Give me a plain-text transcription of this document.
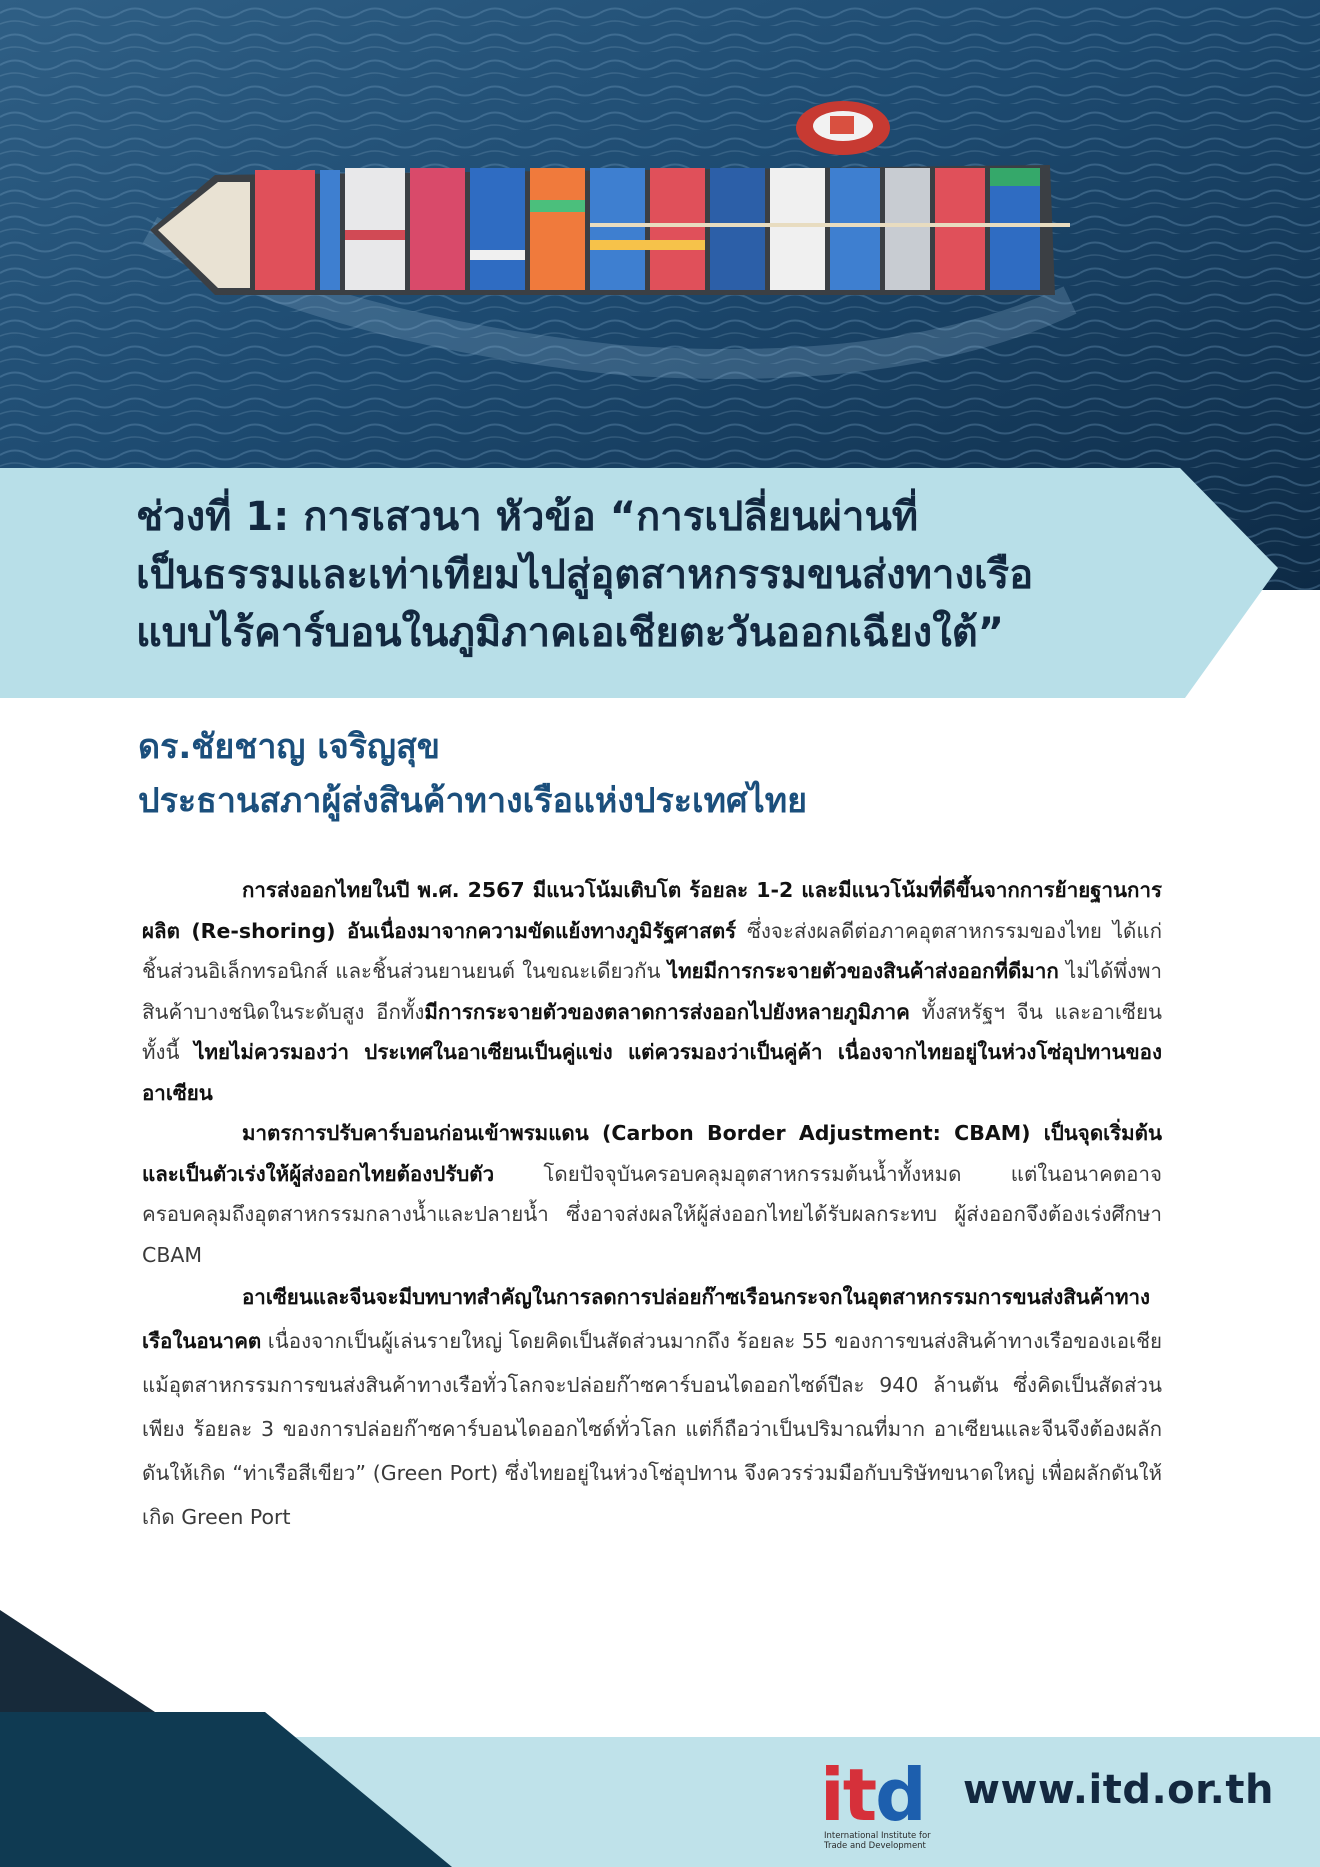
ช่วงที่ 1: การเสวนา หัวข้อ “การเปลี่ยนผ่านที่
เป็นธรรมและเท่าเทียมไปสู่อุตสาหกรรมขนส่งทางเรือ
แบบไร้คาร์บอนในภูมิภาคเอเชียตะวันออกเฉียงใต้”
ดร.ชัยชาญ เจริญสุข
ประธานสภาผู้ส่งสินค้าทางเรือแห่งประเทศไทย

การส่งออกไทยในปี พ.ศ. 2567 มีแนวโน้มเติบโต ร้อยละ 1-2 และมีแนวโน้มที่ดีขึ้นจากการย้ายฐานการผลิต (Re-shoring) อันเนื่องมาจากความขัดแย้งทางภูมิรัฐศาสตร์ ซึ่งจะส่งผลดีต่อภาคอุตสาหกรรมของไทย ได้แก่ ชิ้นส่วนอิเล็กทรอนิกส์ และชิ้นส่วนยานยนต์ ในขณะเดียวกัน ไทยมีการกระจายตัวของสินค้าส่งออกที่ดีมาก ไม่ได้พึ่งพาสินค้าบางชนิดในระดับสูง อีกทั้งมีการกระจายตัวของตลาดการส่งออกไปยังหลายภูมิภาค ทั้งสหรัฐฯ จีน และอาเซียน ทั้งนี้ ไทยไม่ควรมองว่า ประเทศในอาเซียนเป็นคู่แข่ง แต่ควรมองว่าเป็นคู่ค้า เนื่องจากไทยอยู่ในห่วงโซ่อุปทานของอาเซียน

มาตรการปรับคาร์บอนก่อนเข้าพรมแดน (Carbon Border Adjustment: CBAM) เป็นจุดเริ่มต้นและเป็นตัวเร่งให้ผู้ส่งออกไทยต้องปรับตัว โดยปัจจุบันครอบคลุมอุตสาหกรรมต้นน้ำทั้งหมด แต่ในอนาคตอาจครอบคลุมถึงอุตสาหกรรมกลางน้ำและปลายน้ำ ซึ่งอาจส่งผลให้ผู้ส่งออกไทยได้รับผลกระทบ ผู้ส่งออกจึงต้องเร่งศึกษา CBAM

อาเซียนและจีนจะมีบทบาทสำคัญในการลดการปล่อยก๊าซเรือนกระจกในอุตสาหกรรมการขนส่งสินค้าทางเรือในอนาคต เนื่องจากเป็นผู้เล่นรายใหญ่ โดยคิดเป็นสัดส่วนมากถึง ร้อยละ 55 ของการขนส่งสินค้าทางเรือของเอเชีย แม้อุตสาหกรรมการขนส่งสินค้าทางเรือทั่วโลกจะปล่อยก๊าซคาร์บอนไดออกไซด์ปีละ 940 ล้านตัน ซึ่งคิดเป็นสัดส่วนเพียง ร้อยละ 3 ของการปล่อยก๊าซคาร์บอนไดออกไซด์ทั่วโลก แต่ก็ถือว่าเป็นปริมาณที่มาก อาเซียนและจีนจึงต้องผลักดันให้เกิด “ท่าเรือสีเขียว” (Green Port) ซึ่งไทยอยู่ในห่วงโซ่อุปทาน จึงควรร่วมมือกับบริษัทขนาดใหญ่ เพื่อผลักดันให้เกิด Green Port

itd
International Institute for
Trade and Development
www.itd.or.th
